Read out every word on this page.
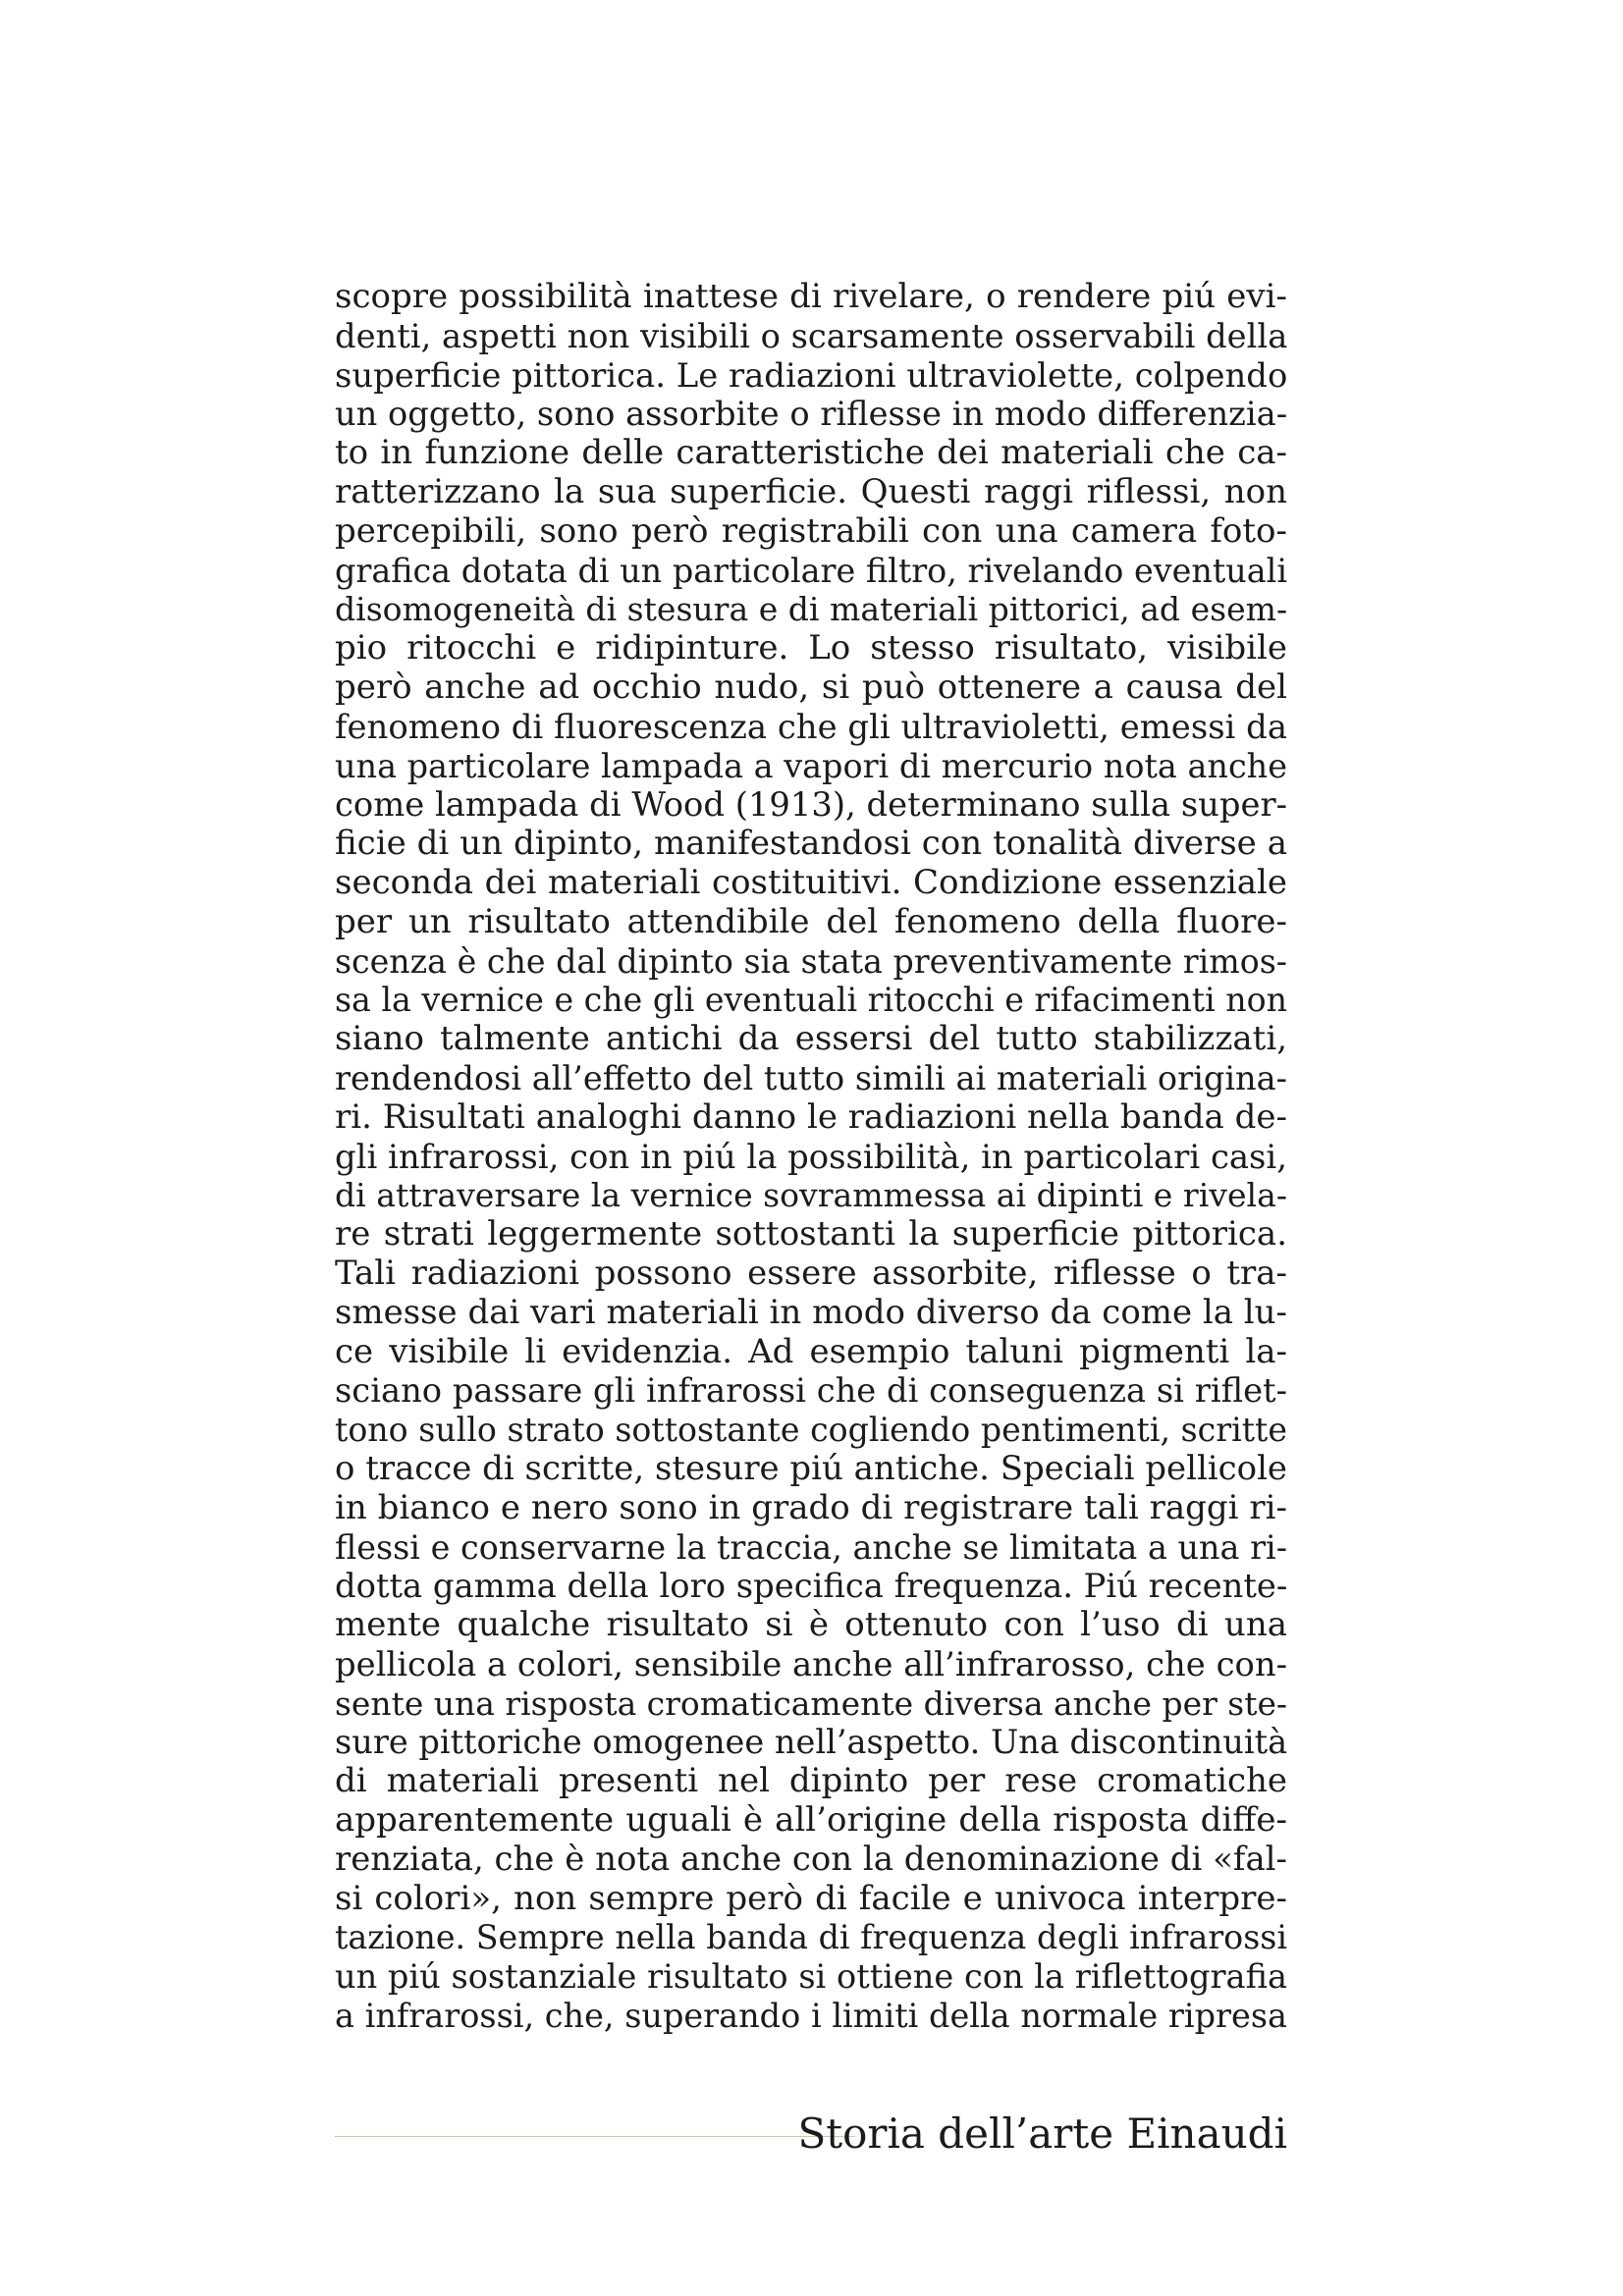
scopre possibilità inattese di rivelare, o rendere piú evi-
denti, aspetti non visibili o scarsamente osservabili della
superficie pittorica. Le radiazioni ultraviolette, colpendo
un oggetto, sono assorbite o riflesse in modo differenzia-
to in funzione delle caratteristiche dei materiali che ca-
ratterizzano la sua superficie. Questi raggi riflessi, non
percepibili, sono però registrabili con una camera foto-
grafica dotata di un particolare filtro, rivelando eventuali
disomogeneità di stesura e di materiali pittorici, ad esem-
pio ritocchi e ridipinture. Lo stesso risultato, visibile
però anche ad occhio nudo, si può ottenere a causa del
fenomeno di fluorescenza che gli ultravioletti, emessi da
una particolare lampada a vapori di mercurio nota anche
come lampada di Wood (1913), determinano sulla super-
ficie di un dipinto, manifestandosi con tonalità diverse a
seconda dei materiali costituitivi. Condizione essenziale
per un risultato attendibile del fenomeno della fluore-
scenza è che dal dipinto sia stata preventivamente rimos-
sa la vernice e che gli eventuali ritocchi e rifacimenti non
siano talmente antichi da essersi del tutto stabilizzati,
rendendosi all’effetto del tutto simili ai materiali origina-
ri. Risultati analoghi danno le radiazioni nella banda de-
gli infrarossi, con in piú la possibilità, in particolari casi,
di attraversare la vernice sovrammessa ai dipinti e rivela-
re strati leggermente sottostanti la superficie pittorica.
Tali radiazioni possono essere assorbite, riflesse o tra-
smesse dai vari materiali in modo diverso da come la lu-
ce visibile li evidenzia. Ad esempio taluni pigmenti la-
sciano passare gli infrarossi che di conseguenza si riflet-
tono sullo strato sottostante cogliendo pentimenti, scritte
o tracce di scritte, stesure piú antiche. Speciali pellicole
in bianco e nero sono in grado di registrare tali raggi ri-
flessi e conservarne la traccia, anche se limitata a una ri-
dotta gamma della loro specifica frequenza. Piú recente-
mente qualche risultato si è ottenuto con l’uso di una
pellicola a colori, sensibile anche all’infrarosso, che con-
sente una risposta cromaticamente diversa anche per ste-
sure pittoriche omogenee nell’aspetto. Una discontinuità
di materiali presenti nel dipinto per rese cromatiche
apparentemente uguali è all’origine della risposta diffe-
renziata, che è nota anche con la denominazione di «fal-
si colori», non sempre però di facile e univoca interpre-
tazione. Sempre nella banda di frequenza degli infrarossi
un piú sostanziale risultato si ottiene con la riflettografia
a infrarossi, che, superando i limiti della normale ripresa
Storia dell’arte Einaudi
